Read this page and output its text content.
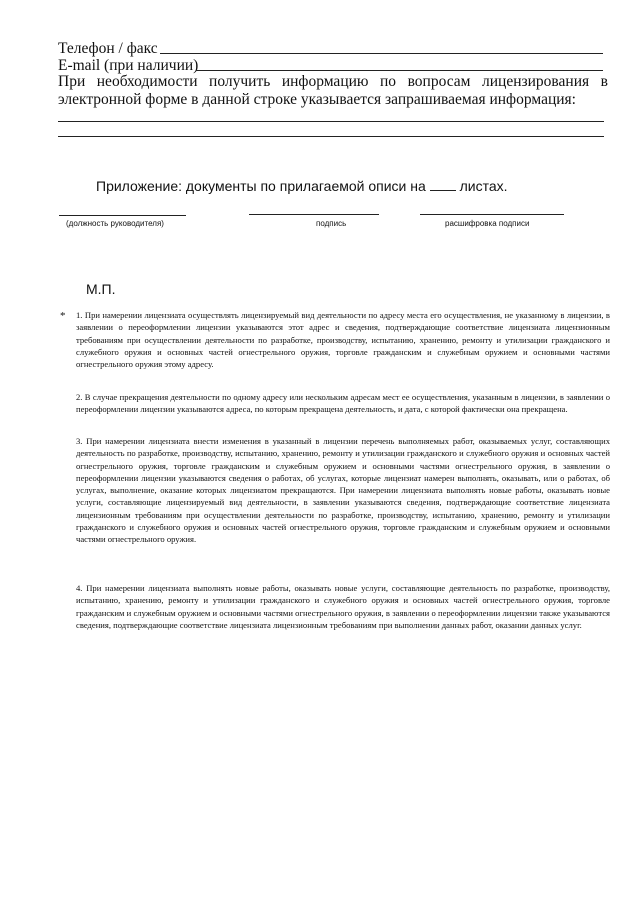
Телефон / факс
E-mail (при наличии)
При необходимости получить информацию по вопросам лицензирования в электронной форме в данной строке указывается запрашиваемая информация:
Приложение: документы по прилагаемой описи на листах.
(должность руководителя)	подпись	расшифровка подписи
М.П.
* 1. При намерении лицензиата осуществлять лицензируемый вид деятельности по адресу места его осуществления, не указанному в лицензии, в заявлении о переоформлении лицензии указываются этот адрес и сведения, подтверждающие соответствие лицензиата лицензионным требованиям при осуществлении деятельности по разработке, производству, испытанию, хранению, ремонту и утилизации гражданского и служебного оружия и основных частей огнестрельного оружия, торговле гражданским и служебным оружием и основными частями огнестрельного оружия этому адресу.
2. В случае прекращения деятельности по одному адресу или нескольким адресам мест ее осуществления, указанным в лицензии, в заявлении о переоформлении лицензии указываются адреса, по которым прекращена деятельность, и дата, с которой фактически она прекращена.
3. При намерении лицензиата внести изменения в указанный в лицензии перечень выполняемых работ, оказываемых услуг, составляющих деятельность по разработке, производству, испытанию, хранению, ремонту и утилизации гражданского и служебного оружия и основных частей огнестрельного оружия, торговле гражданским и служебным оружием и основными частями огнестрельного оружия, в заявлении о переоформлении лицензии указываются сведения о работах, об услугах, которые лицензиат намерен выполнять, оказывать, или о работах, об услугах, выполнение, оказание которых лицензиатом прекращаются. При намерении лицензиата выполнять новые работы, оказывать новые услуги, составляющие лицензируемый вид деятельности, в заявлении указываются сведения, подтверждающие соответствие лицензиата лицензионным требованиям при осуществлении деятельности по разработке, производству, испытанию, хранению, ремонту и утилизации гражданского и служебного оружия и основных частей огнестрельного оружия, торговле гражданским и служебным оружием и основными частями огнестрельного оружия.
4. При намерении лицензиата выполнять новые работы, оказывать новые услуги, составляющие деятельность по разработке, производству, испытанию, хранению, ремонту и утилизации гражданского и служебного оружия и основных частей огнестрельного оружия, торговле гражданским и служебным оружием и основными частями огнестрельного оружия, в заявлении о переоформлении лицензии также указываются сведения, подтверждающие соответствие лицензиата лицензионным требованиям при выполнении данных работ, оказании данных услуг.
